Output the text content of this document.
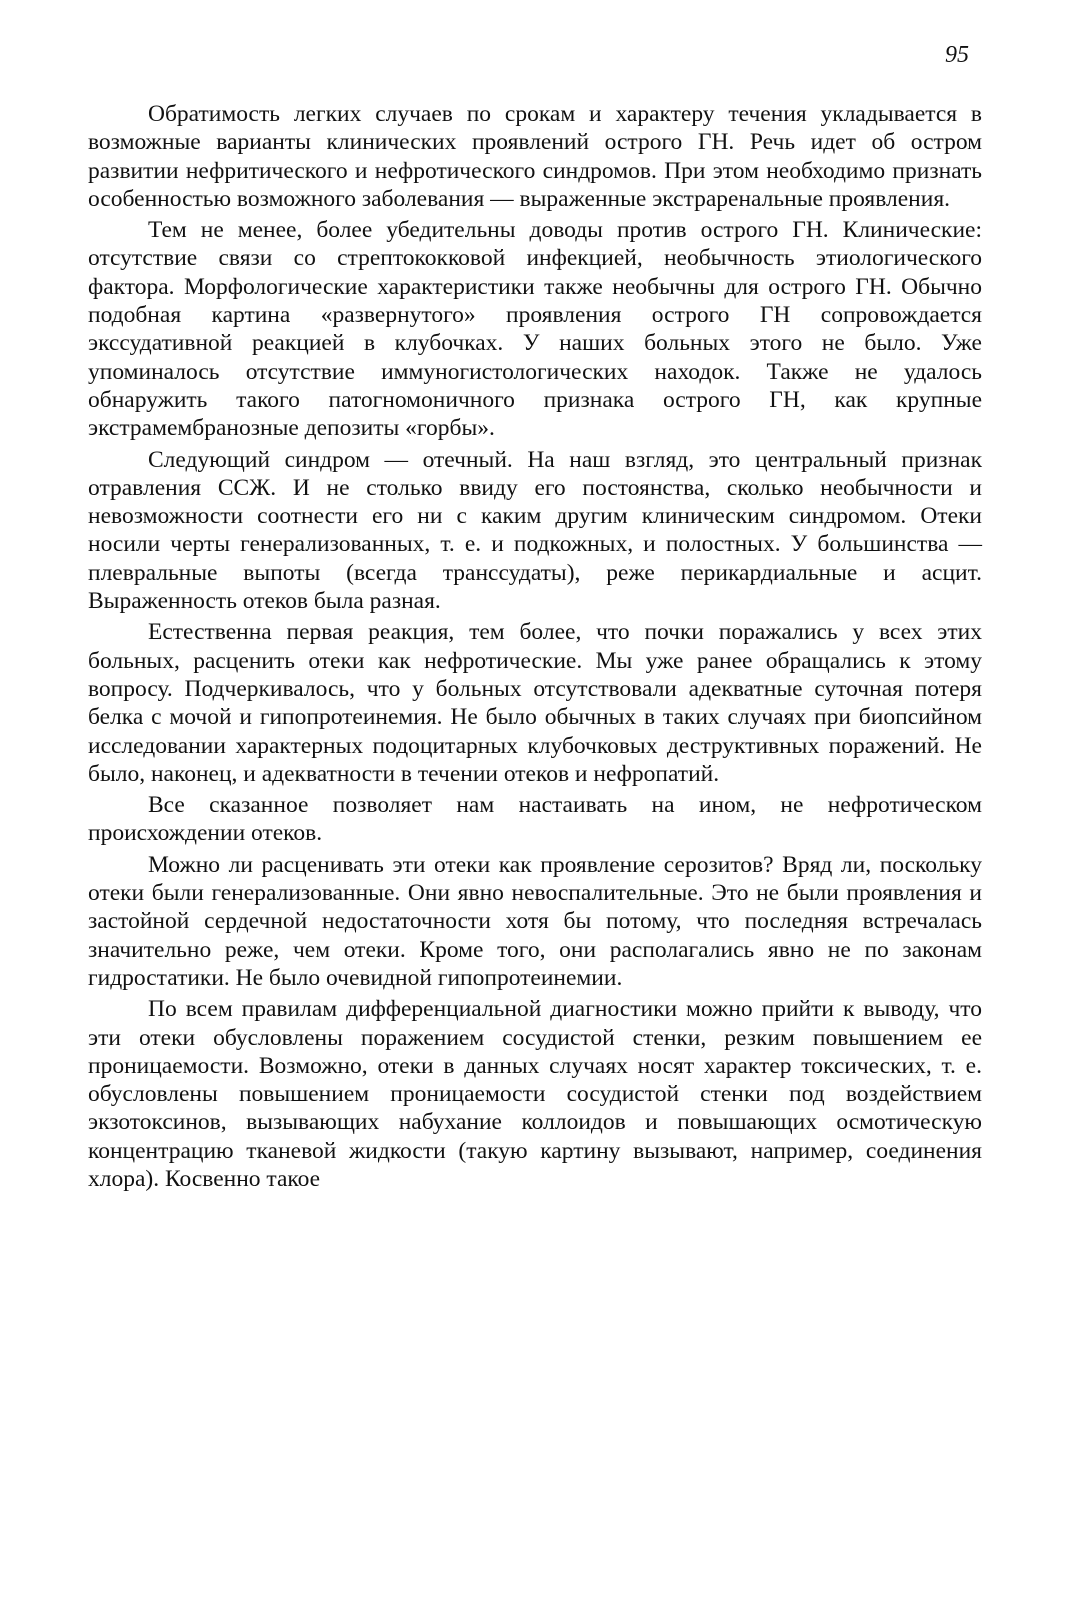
95

Обратимость легких случаев по срокам и характеру течения укладывается в возможные варианты клинических проявлений острого ГН. Речь идет об остром развитии нефритического и нефротического синдромов. При этом необходимо признать особенностью возможного заболевания — выраженные экстраренальные проявления.

Тем не менее, более убедительны доводы против острого ГН. Клинические: отсутствие связи со стрептококковой инфекцией, необычность этиологического фактора. Морфологические характеристики также необычны для острого ГН. Обычно подобная картина «развернутого» проявления острого ГН сопровождается экссудативной реакцией в клубочках. У наших больных этого не было. Уже упоминалось отсутствие иммуногистологических находок. Также не удалось обнаружить такого патогномоничного признака острого ГН, как крупные экстрамембранозные депозиты «горбы».

Следующий синдром — отечный. На наш взгляд, это центральный признак отравления ССЖ. И не столько ввиду его постоянства, сколько необычности и невозможности соотнести его ни с каким другим клиническим синдромом. Отеки носили черты генерализованных, т. е. и подкожных, и полостных. У большинства — плевральные выпоты (всегда транссудаты), реже перикардиальные и асцит. Выраженность отеков была разная.

Естественна первая реакция, тем более, что почки поражались у всех этих больных, расценить отеки как нефротические. Мы уже ранее обращались к этому вопросу. Подчеркивалось, что у больных отсутствовали адекватные суточная потеря белка с мочой и гипопротеинемия. Не было обычных в таких случаях при биопсийном исследовании характерных подоцитарных клубочковых деструктивных поражений. Не было, наконец, и адекватности в течении отеков и нефропатий.

Все сказанное позволяет нам настаивать на ином, не нефротическом происхождении отеков.

Можно ли расценивать эти отеки как проявление серозитов? Вряд ли, поскольку отеки были генерализованные. Они явно невоспалительные. Это не были проявления и застойной сердечной недостаточности хотя бы потому, что последняя встречалась значительно реже, чем отеки. Кроме того, они располагались явно не по законам гидростатики. Не было очевидной гипопротеинемии.

По всем правилам дифференциальной диагностики можно прийти к выводу, что эти отеки обусловлены поражением сосудистой стенки, резким повышением ее проницаемости. Возможно, отеки в данных случаях носят характер токсических, т. е. обусловлены повышением проницаемости сосудистой стенки под воздействием экзотоксинов, вызывающих набухание коллоидов и повышающих осмотическую концентрацию тканевой жидкости (такую картину вызывают, например, соединения хлора). Косвенно такое
